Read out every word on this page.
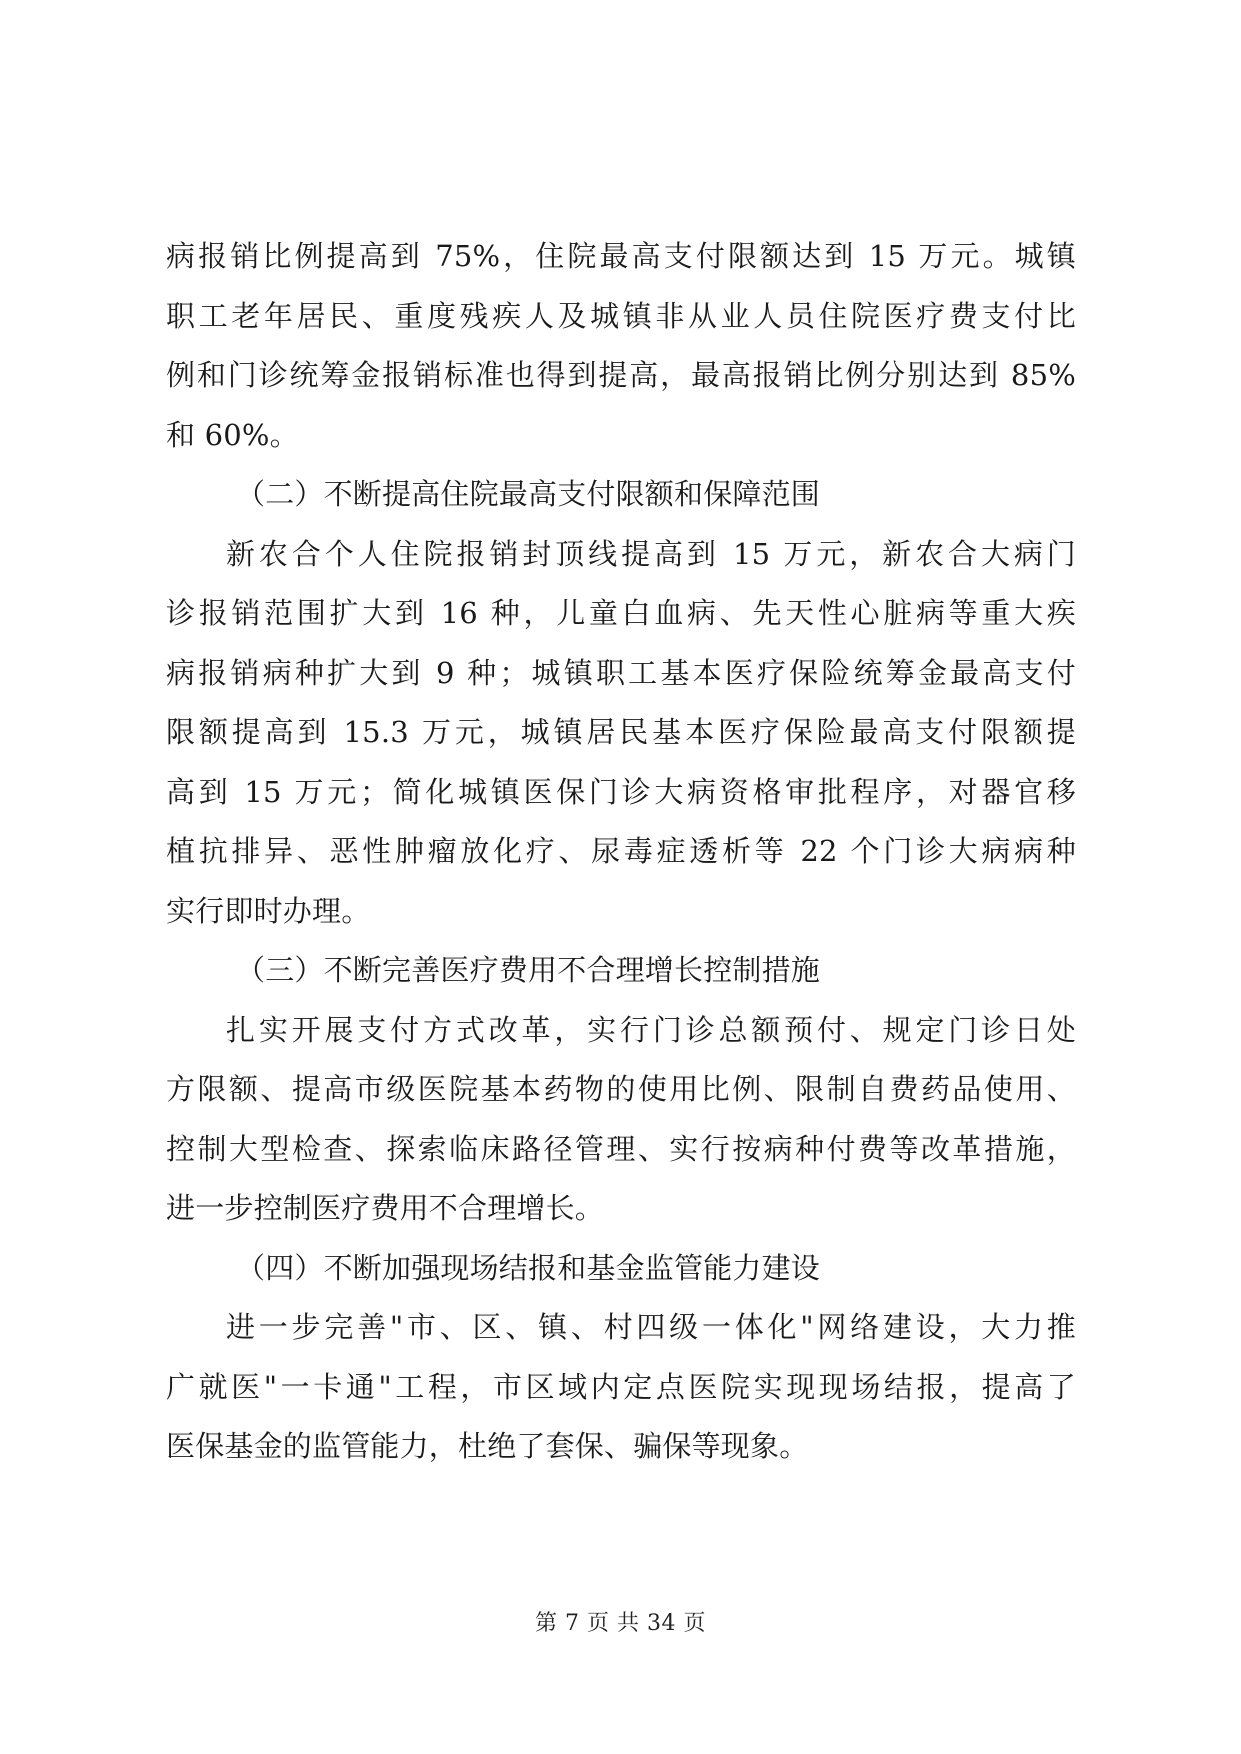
病报销比例提高到 75%，住院最高支付限额达到 15 万元。城镇
职工老年居民、重度残疾人及城镇非从业人员住院医疗费支付比
例和门诊统筹金报销标准也得到提高，最高报销比例分别达到 85%
和 60%。
（二）不断提高住院最高支付限额和保障范围
新农合个人住院报销封顶线提高到 15 万元，新农合大病门
诊报销范围扩大到 16 种，儿童白血病、先天性心脏病等重大疾
病报销病种扩大到 9 种；城镇职工基本医疗保险统筹金最高支付
限额提高到 15.3 万元，城镇居民基本医疗保险最高支付限额提
高到 15 万元；简化城镇医保门诊大病资格审批程序，对器官移
植抗排异、恶性肿瘤放化疗、尿毒症透析等 22 个门诊大病病种
实行即时办理。
（三）不断完善医疗费用不合理增长控制措施
扎实开展支付方式改革，实行门诊总额预付、规定门诊日处
方限额、提高市级医院基本药物的使用比例、限制自费药品使用、
控制大型检查、探索临床路径管理、实行按病种付费等改革措施，
进一步控制医疗费用不合理增长。
（四）不断加强现场结报和基金监管能力建设
进一步完善"市、区、镇、村四级一体化"网络建设，大力推
广就医"一卡通"工程，市区域内定点医院实现现场结报，提高了
医保基金的监管能力，杜绝了套保、骗保等现象。
第 7 页 共 34 页
